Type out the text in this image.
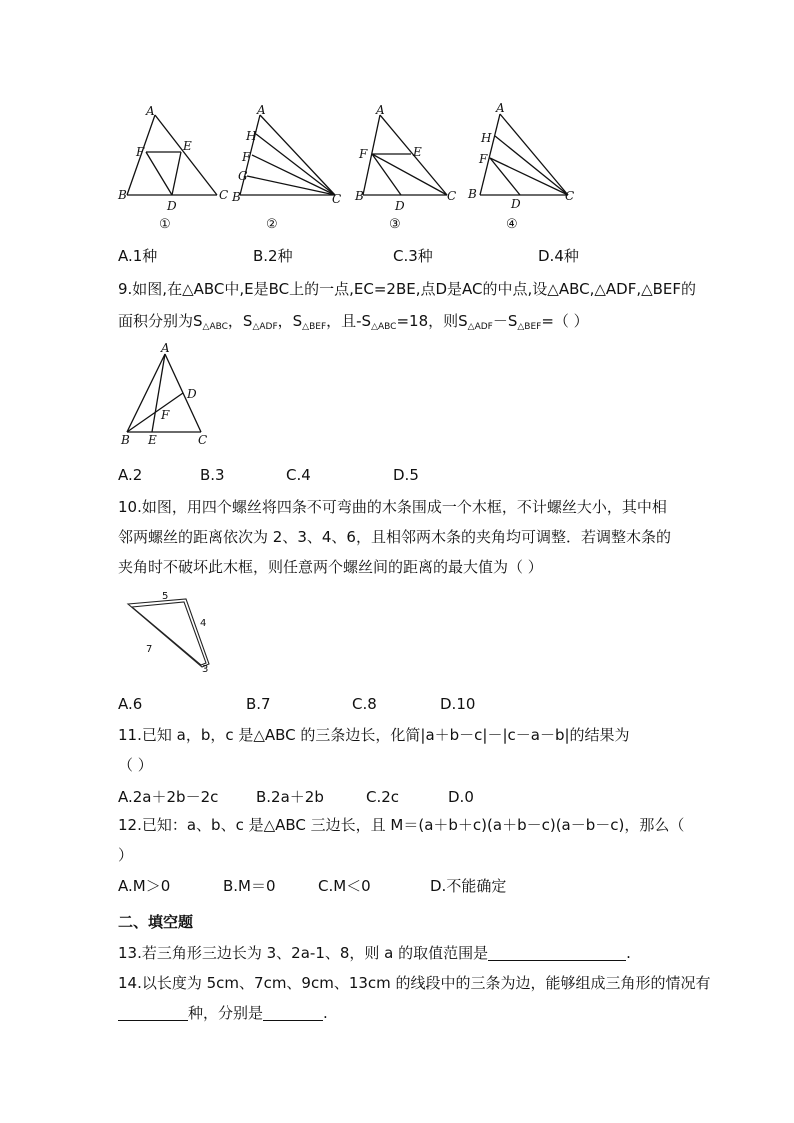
A
F	E
B	C
D
①
A
H
F
G
B	C
②
A
F	E
B	C
D
③
A
H
F
B	C
D
④
A.1种	B.2种	C.3种	D.4种
9.如图,在△ABC中,E是BC上的一点,EC=2BE,点D是AC的中点,设△ABC,△ADF,△BEF的
面积分别为$S_{\triangle ABC}$，$S_{\triangle ADF}$，$S_{\triangle BEF}$，且$-S_{\triangle ABC}=18$，则$S_{\triangle ADF}-S_{\triangle BEF}=$（ ）
A
D
F
B E	C
A.2	B.3	C.4	D.5
10.如图，用四个螺丝将四条不可弯曲的木条围成一个木框，不计螺丝大小，其中相
邻两螺丝的距离依次为 2、3、4、6，且相邻两木条的夹角均可调整．若调整木条的
夹角时不破坏此木框，则任意两个螺丝间的距离的最大值为（ ）
5
4
7
3
A.6	B.7	C.8	D.10
11.已知 a，b，c 是△ABC 的三条边长，化简|a＋b－c|－|c－a－b|的结果为
（ ）
A.2a＋2b－2c	B.2a＋2b	C.2c	D.0
12.已知：a、b、c 是△ABC 三边长，且 M＝(a＋b＋c)(a＋b－c)(a－b－c)，那么（
）
A.M＞0	B.M＝0	C.M＜0	D.不能确定
二、填空题
13.若三角形三边长为 3、2a-1、8，则 a 的取值范围是	.
14.以长度为 5cm、7cm、9cm、13cm 的线段中的三条为边，能够组成三角形的情况有
种，分别是	.
